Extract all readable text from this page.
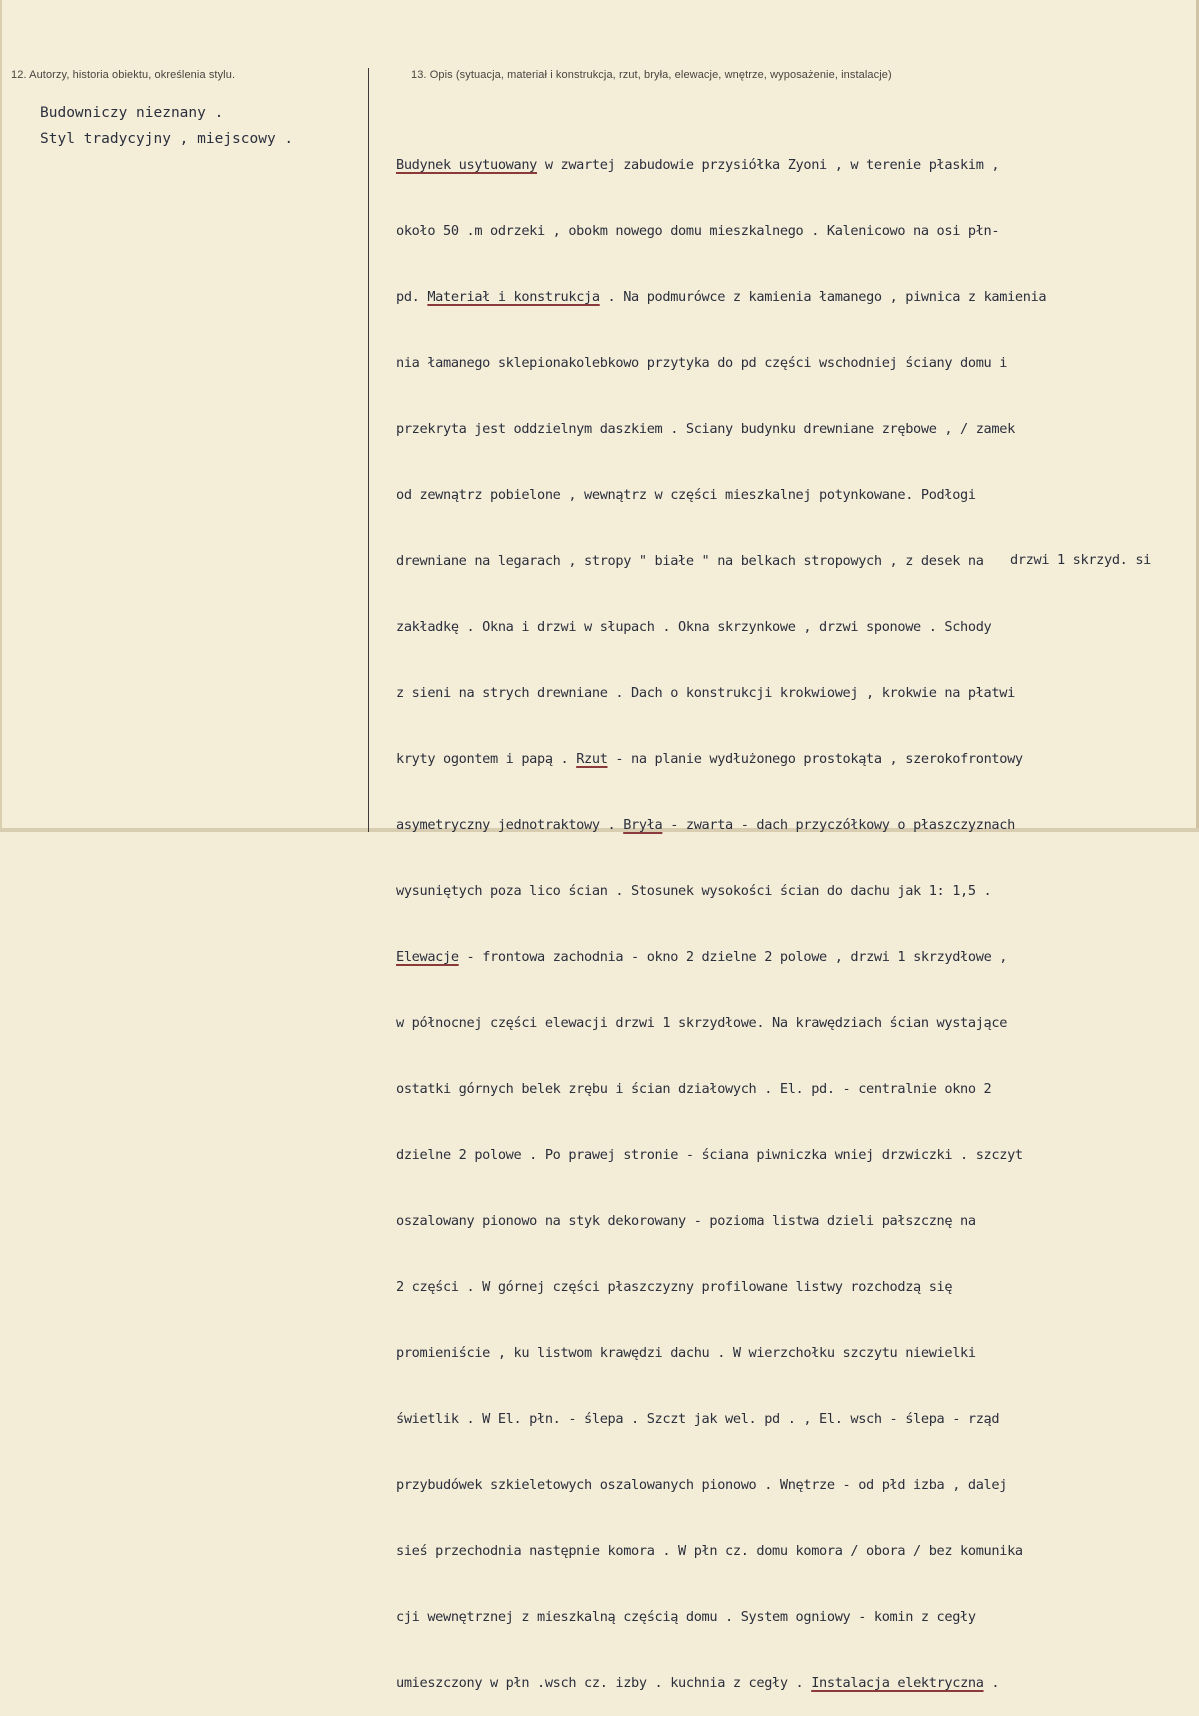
12. Autorzy, historia obiektu, określenia stylu.	13. Opis (sytuacja, materiał i konstrukcja, rzut, bryła, elewacje, wnętrze, wyposażenie, instalacje)
Budowniczy nieznany .
Styl tradycyjny , miejscowy .

Budynek usytuowany w zwartej zabudowie przysiółka Zyoni , w terenie płaskim ,

około 50 .m odrzeki , obokm nowego domu mieszkalnego . Kalenicowo na osi płn-

pd. Materiał i konstrukcja . Na podmurówce z kamienia łamanego , piwnica z kamienia

nia łamanego sklepionakolebkowo przytyka do pd części wschodniej ściany domu i

przekryta jest oddzielnym daszkiem . Sciany budynku drewniane zrębowe , / zamek

od zewnątrz pobielone , wewnątrz w części mieszkalnej potynkowane. Podłogi

drewniane na legarach , stropy " białe " na belkach stropowych , z desek na

zakładkę . Okna i drzwi w słupach . Okna skrzynkowe , drzwi sponowe . Schody

z sieni na strych drewniane . Dach o konstrukcji krokwiowej , krokwie na płatwi

kryty ogontem i papą . Rzut - na planie wydłużonego prostokąta , szerokofrontowy

asymetryczny jednotraktowy . Bryła - zwarta - dach przyczółkowy o płaszczyznach

wysuniętych poza lico ścian . Stosunek wysokości ścian do dachu jak 1: 1,5 .

Elewacje - frontowa zachodnia - okno 2 dzielne 2 polowe , drzwi 1 skrzydłowe ,

w północnej części elewacji drzwi 1 skrzydłowe. Na krawędziach ścian wystające

ostatki górnych belek zrębu i ścian działowych . El. pd. - centralnie okno 2

dzielne 2 polowe . Po prawej stronie - ściana piwniczka wniej drzwiczki . szczyt

oszalowany pionowo na styk dekorowany - pozioma listwa dzieli pałszcznę na

2 części . W górnej części płaszczyzny profilowane listwy rozchodzą się

promieniście , ku listwom krawędzi dachu . W wierzchołku szczytu niewielki

świetlik . W El. płn. - ślepa . Szczt jak wel. pd . , El. wsch - ślepa - rząd

przybudówek szkieletowych oszalowanych pionowo . Wnętrze - od płd izba , dalej

sieś przechodnia następnie komora . W płn cz. domu komora / obora / bez komunika

cji wewnętrznej z mieszkalną częścią domu . System ogniowy - komin z cegły

umieszczony w płn .wsch cz. izby . kuchnia z cegły . Instalacja elektryczna .

drzwi 1 skrzyd. si
